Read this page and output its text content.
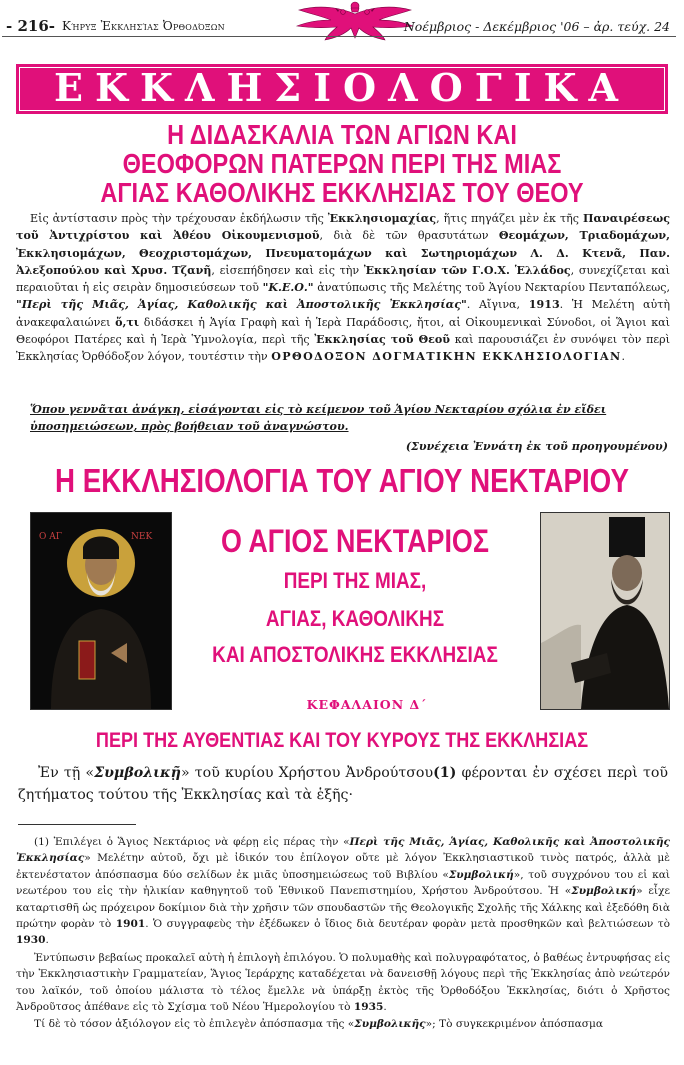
- 216- Κήρυξ Ἐκκλησίας Ὀρθοδόξων	Νοέμβριος - Δεκέμβριος '06 – ἀρ. τεύχ. 24
ΕΚΚΛΗΣΙΟΛΟΓΙΚΑ
Η ΔΙΔΑΣΚΑΛΙΑ ΤΩΝ ΑΓΙΩΝ ΚΑΙ
ΘΕΟΦΟΡΩΝ ΠΑΤΕΡΩΝ ΠΕΡΙ ΤΗΣ ΜΙΑΣ
ΑΓΙΑΣ ΚΑΘΟΛΙΚΗΣ ΕΚΚΛΗΣΙΑΣ ΤΟΥ ΘΕΟΥ
Εἰς ἀντίστασιν πρὸς τὴν τρέχουσαν ἐκδήλωσιν τῆς Ἐκκλησιομαχίας, ἥτις πηγάζει μὲν ἐκ τῆς Παναιρέσεως τοῦ Ἀντιχρίστου καὶ Ἀθέου Οἰκουμενισμοῦ, διὰ δὲ τῶν θρασυτάτων Θεομάχων, Τριαδομάχων, Ἐκκλησιομάχων, Θεοχριστομάχων, Πνευματομάχων καὶ Σωτηριομάχων Λ. Δ. Κτενᾶ, Παν. Ἀλεξοπούλου καὶ Χρυσ. Τζανῆ, εἰσεπήδησεν καὶ εἰς τὴν Ἐκκλησίαν τῶν Γ.Ο.Χ. Ἑλλάδος, συνεχίζεται καὶ περαιοῦται ἡ εἰς σειρὰν δημοσιεύσεων τοῦ "Κ.Ε.Ο." ἀνατύπωσις τῆς Μελέτης τοῦ Ἁγίου Νεκταρίου Πενταπόλεως, "Περὶ τῆς Μιᾶς, Ἁγίας, Καθολικῆς καὶ Ἀποστολικῆς Ἐκκλησίας". Αἴγινα, 1913. Ἡ Μελέτη αὐτὴ ἀνακεφαλαιώνει ὅ,τι διδάσκει ἡ Ἁγία Γραφὴ καὶ ἡ Ἱερὰ Παράδοσις, ἤτοι, αἱ Οἰκουμενικαὶ Σύνοδοι, οἱ Ἅγιοι καὶ Θεοφόροι Πατέρες καὶ ἡ Ἱερὰ Ὑμνολογία, περὶ τῆς Ἐκκλησίας τοῦ Θεοῦ καὶ παρουσιάζει ἐν συνόψει τὸν περὶ Ἐκκλησίας Ὀρθόδοξον λόγον, τουτέστιν τὴν ΟΡΘΟΔΟΞΟΝ ΔΟΓΜΑΤΙΚΗΝ ΕΚΚΛΗΣΙΟΛΟΓΙΑΝ.
Ὅπου γεννᾶται ἀνάγκη, εἰσάγονται εἰς τὸ κείμενον τοῦ Ἁγίου Νεκταρίου σχόλια ἐν εἴδει ὑποσημειώσεων, πρὸς βοήθειαν τοῦ ἀναγνώστου.
(Συνέχεια Ἐννάτη ἐκ τοῦ προηγουμένου)
Η ΕΚΚΛΗΣΙΟΛΟΓΙΑ ΤΟΥ ΑΓΙΟΥ ΝΕΚΤΑΡΙΟΥ
Ο ΑΓ	ΝΕΚ	Ο ΑΓΙΟΣ ΝΕΚΤΑΡΙΟΣ
ΠΕΡΙ ΤΗΣ ΜΙΑΣ,
ΑΓΙΑΣ, ΚΑΘΟΛΙΚΗΣ
ΚΑΙ ΑΠΟΣΤΟΛΙΚΗΣ ΕΚΚΛΗΣΙΑΣ
ΚΕΦΑΛΑΙΟΝ Δ΄
ΠΕΡΙ ΤΗΣ ΑΥΘΕΝΤΙΑΣ ΚΑΙ ΤΟΥ ΚΥΡΟΥΣ ΤΗΣ ΕΚΚΛΗΣΙΑΣ
Ἐν τῇ «Συμβολικῇ» τοῦ κυρίου Χρήστου Ἀνδρούτσου(1) φέρονται ἐν σχέσει περὶ τοῦ ζητήματος τούτου τῆς Ἐκκλησίας καὶ τὰ ἑξῆς·

(1) Ἐπιλέγει ὁ Ἅγιος Νεκτάριος νὰ φέρῃ εἰς πέρας τὴν «Περὶ τῆς Μιᾶς, Ἁγίας, Καθολικῆς καὶ Ἀποστολικῆς Ἐκκλησίας» Μελέτην αὐτοῦ, ὄχι μὲ ἰδικόν του ἐπίλογον οὔτε μὲ λόγον Ἐκκλησιαστικοῦ τινὸς πατρός, ἀλλὰ μὲ ἐκτενέστατον ἀπόσπασμα δύο σελίδων ἐκ μιᾶς ὑποσημειώσεως τοῦ Βιβλίου «Συμβολική», τοῦ συγχρόνου του εἰ καὶ νεωτέρου του εἰς τὴν ἡλικίαν καθηγητοῦ τοῦ Ἐθνικοῦ Πανεπιστημίου, Χρήστου Ἀνδρούτσου. Ἡ «Συμβολική» εἶχε καταρτισθῆ ὡς πρόχειρον δοκίμιον διὰ τὴν χρῆσιν τῶν σπουδαστῶν τῆς Θεολογικῆς Σχολῆς τῆς Χάλκης καὶ ἐξεδόθη διὰ πρώτην φορὰν τὸ 1901. Ὁ συγγραφεὺς τὴν ἐξέδωκεν ὁ ἴδιος διὰ δευτέραν φορὰν μετὰ προσθηκῶν καὶ βελτιώσεων τὸ 1930.

Ἐντύπωσιν βεβαίως προκαλεῖ αὐτὴ ἡ ἐπιλογὴ ἐπιλόγου. Ὁ πολυμαθὴς καὶ πολυγραφότατος, ὁ βαθέως ἐντρυφήσας εἰς τὴν Ἐκκλησιαστικὴν Γραμματείαν, Ἅγιος Ἱεράρχης καταδέχεται νὰ δανεισθῇ λόγους περὶ τῆς Ἐκκλησίας ἀπὸ νεώτερόν του λαϊκόν, τοῦ ὁποίου μάλιστα τὸ τέλος ἔμελλε νὰ ὑπάρξῃ ἐκτὸς τῆς Ὀρθοδόξου Ἐκκλησίας, διότι ὁ Χρῆστος Ἀνδροῦτσος ἀπέθανε εἰς τὸ Σχίσμα τοῦ Νέου Ἡμερολογίου τὸ 1935.

Τί δὲ τὸ τόσον ἀξιόλογον εἰς τὸ ἐπιλεγὲν ἀπόσπασμα τῆς «Συμβολικῆς»; Τὸ συγκεκριμένον ἀπόσπασμα
